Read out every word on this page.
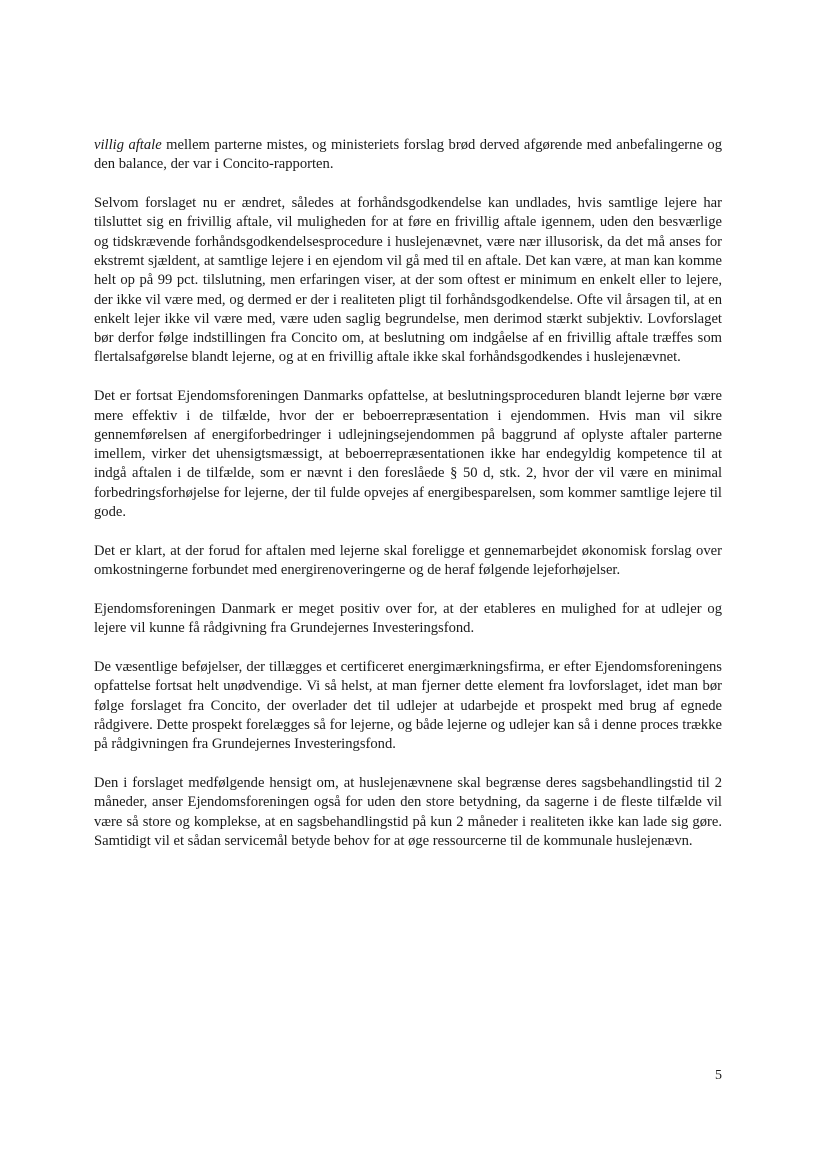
villig aftale mellem parterne mistes, og ministeriets forslag brød derved afgørende med anbefalingerne og den balance, der var i Concito-rapporten.

Selvom forslaget nu er ændret, således at forhåndsgodkendelse kan undlades, hvis samtlige lejere har tilsluttet sig en frivillig aftale, vil muligheden for at føre en frivillig aftale igennem, uden den besværlige og tidskrævende forhåndsgodkendelsesprocedure i huslejenævnet, være nær illusorisk, da det må anses for ekstremt sjældent, at samtlige lejere i en ejendom vil gå med til en aftale. Det kan være, at man kan komme helt op på 99 pct. tilslutning, men erfaringen viser, at der som oftest er minimum en enkelt eller to lejere, der ikke vil være med, og dermed er der i realiteten pligt til forhåndsgodkendelse. Ofte vil årsagen til, at en enkelt lejer ikke vil være med, være uden saglig begrundelse, men derimod stærkt subjektiv. Lovforslaget bør derfor følge indstillingen fra Concito om, at beslutning om indgåelse af en frivillig aftale træffes som flertalsafgørelse blandt lejerne, og at en frivillig aftale ikke skal forhåndsgodkendes i huslejenævnet.

Det er fortsat Ejendomsforeningen Danmarks opfattelse, at beslutningsproceduren blandt lejerne bør være mere effektiv i de tilfælde, hvor der er beboerrepræsentation i ejendommen. Hvis man vil sikre gennemførelsen af energiforbedringer i udlejningsejendommen på baggrund af oplyste aftaler parterne imellem, virker det uhensigtsmæssigt, at beboerrepræsentationen ikke har endegyldig kompetence til at indgå aftalen i de tilfælde, som er nævnt i den foreslåede § 50 d, stk. 2, hvor der vil være en minimal forbedringsforhøjelse for lejerne, der til fulde opvejes af energibesparelsen, som kommer samtlige lejere til gode.

Det er klart, at der forud for aftalen med lejerne skal foreligge et gennemarbejdet økonomisk forslag over omkostningerne forbundet med energirenoveringerne og de heraf følgende lejeforhøjelser.

Ejendomsforeningen Danmark er meget positiv over for, at der etableres en mulighed for at udlejer og lejere vil kunne få rådgivning fra Grundejernes Investeringsfond.

De væsentlige beføjelser, der tillægges et certificeret energimærkningsfirma, er efter Ejendomsforeningens opfattelse fortsat helt unødvendige. Vi så helst, at man fjerner dette element fra lovforslaget, idet man bør følge forslaget fra Concito, der overlader det til udlejer at udarbejde et prospekt med brug af egnede rådgivere. Dette prospekt forelægges så for lejerne, og både lejerne og udlejer kan så i denne proces trække på rådgivningen fra Grundejernes Investeringsfond.

Den i forslaget medfølgende hensigt om, at huslejenævnene skal begrænse deres sagsbehandlingstid til 2 måneder, anser Ejendomsforeningen også for uden den store betydning, da sagerne i de fleste tilfælde vil være så store og komplekse, at en sagsbehandlingstid på kun 2 måneder i realiteten ikke kan lade sig gøre. Samtidigt vil et sådan servicemål betyde behov for at øge ressourcerne til de kommunale huslejenævn.

5
